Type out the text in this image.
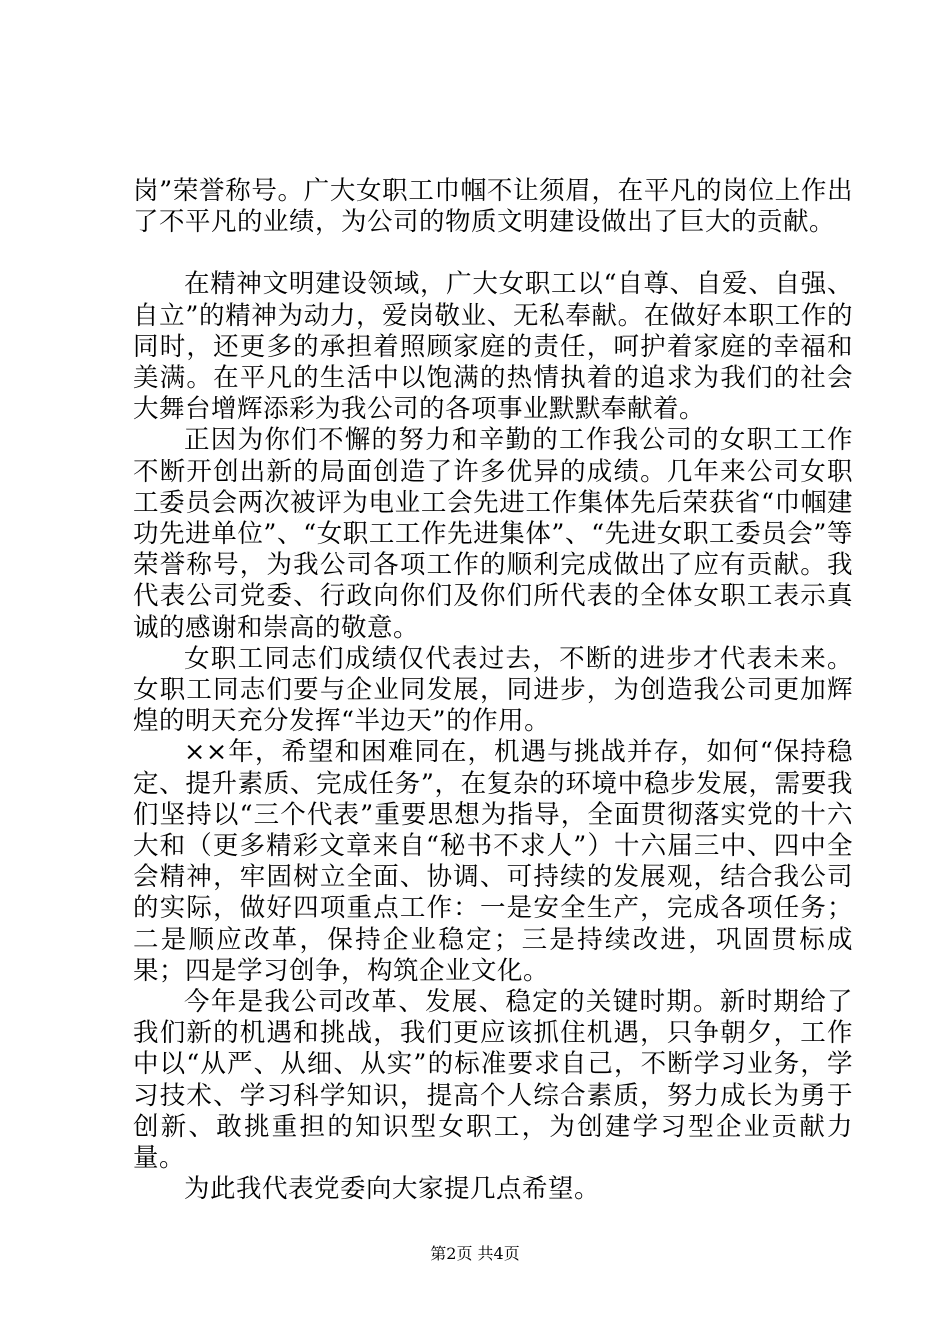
岗”荣誉称号。广大女职工巾帼不让须眉，在平凡的岗位上作出了不平凡的业绩，为公司的物质文明建设做出了巨大的贡献。

在精神文明建设领域，广大女职工以“自尊、自爱、自强、自立”的精神为动力，爱岗敬业、无私奉献。在做好本职工作的同时，还更多的承担着照顾家庭的责任，呵护着家庭的幸福和美满。在平凡的生活中以饱满的热情执着的追求为我们的社会大舞台增辉添彩为我公司的各项事业默默奉献着。

正因为你们不懈的努力和辛勤的工作我公司的女职工工作不断开创出新的局面创造了许多优异的成绩。几年来公司女职工委员会两次被评为电业工会先进工作集体先后荣获省“巾帼建功先进单位”、“女职工工作先进集体”、“先进女职工委员会”等荣誉称号，为我公司各项工作的顺利完成做出了应有贡献。我代表公司党委、行政向你们及你们所代表的全体女职工表示真诚的感谢和崇高的敬意。

女职工同志们成绩仅代表过去，不断的进步才代表未来。女职工同志们要与企业同发展，同进步，为创造我公司更加辉煌的明天充分发挥“半边天”的作用。

××年，希望和困难同在，机遇与挑战并存，如何“保持稳定、提升素质、完成任务”，在复杂的环境中稳步发展，需要我们坚持以“三个代表”重要思想为指导，全面贯彻落实党的十六大和（更多精彩文章来自“秘书不求人”）十六届三中、四中全会精神，牢固树立全面、协调、可持续的发展观，结合我公司的实际，做好四项重点工作：一是安全生产，完成各项任务；二是顺应改革，保持企业稳定；三是持续改进，巩固贯标成果；四是学习创争，构筑企业文化。

今年是我公司改革、发展、稳定的关键时期。新时期给了我们新的机遇和挑战，我们更应该抓住机遇，只争朝夕，工作中以“从严、从细、从实”的标准要求自己，不断学习业务，学习技术、学习科学知识，提高个人综合素质，努力成长为勇于创新、敢挑重担的知识型女职工，为创建学习型企业贡献力量。

为此我代表党委向大家提几点希望。

第2页 共4页
